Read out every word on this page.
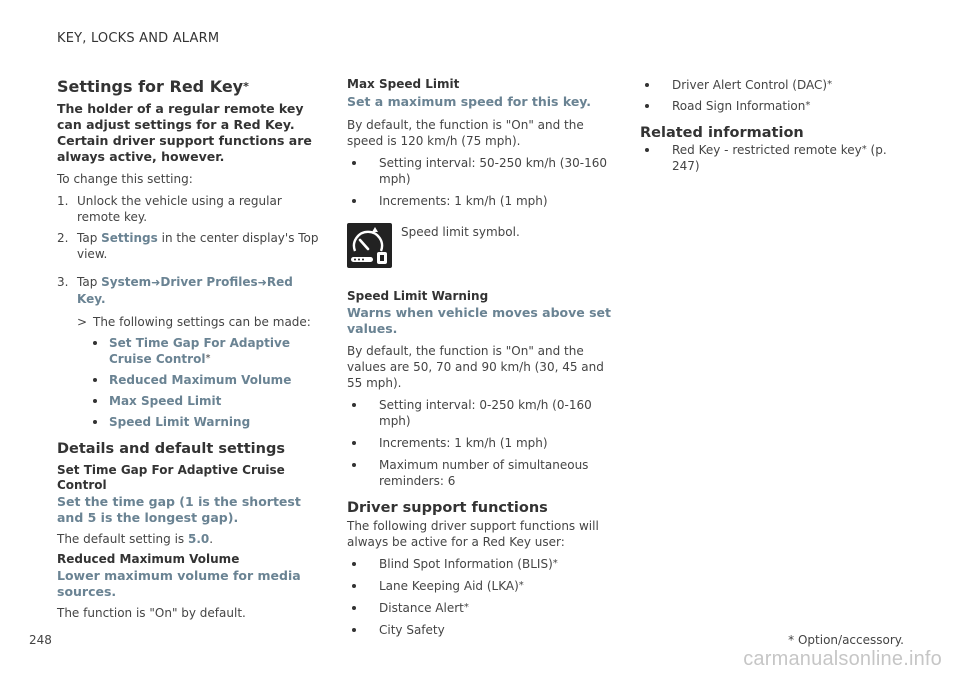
KEY, LOCKS AND ALARM
Settings for Red Key*
The holder of a regular remote key can adjust settings for a Red Key. Certain driver support functions are always active, however.
To change this setting:
1. Unlock the vehicle using a regular remote key.
2. Tap Settings in the center display's Top view.
3. Tap System➜Driver Profiles➜Red Key.
> The following settings can be made:
Set Time Gap For Adaptive Cruise Control*
Reduced Maximum Volume
Max Speed Limit
Speed Limit Warning
Details and default settings
Set Time Gap For Adaptive Cruise Control
Set the time gap (1 is the shortest and 5 is the longest gap).
The default setting is 5.0.
Reduced Maximum Volume
Lower maximum volume for media sources.
The function is "On" by default.
Max Speed Limit
Set a maximum speed for this key.
By default, the function is "On" and the speed is 120 km/h (75 mph).
Setting interval: 50-250 km/h (30-160 mph)
Increments: 1 km/h (1 mph)
Speed limit symbol.
Speed Limit Warning
Warns when vehicle moves above set values.
By default, the function is "On" and the values are 50, 70 and 90 km/h (30, 45 and 55 mph).
Setting interval: 0-250 km/h (0-160 mph)
Increments: 1 km/h (1 mph)
Maximum number of simultaneous reminders: 6
Driver support functions
The following driver support functions will always be active for a Red Key user:
Blind Spot Information (BLIS)*
Lane Keeping Aid (LKA)*
Distance Alert*
City Safety
Driver Alert Control (DAC)*
Road Sign Information*
Related information
Red Key - restricted remote key* (p. 247)
248	* Option/accessory.
carmanualsonline.info
